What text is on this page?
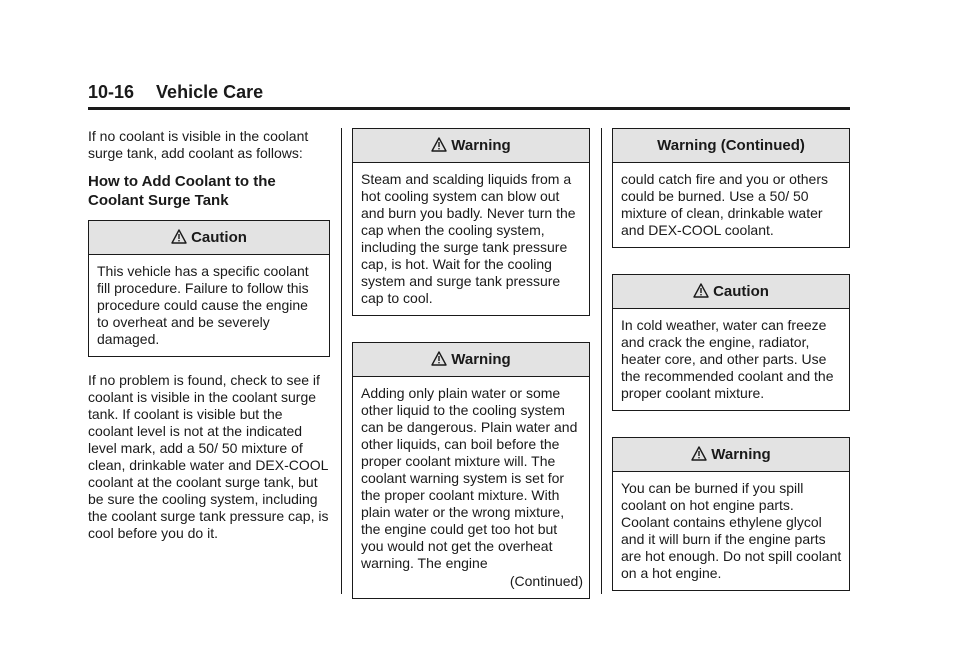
10-16 Vehicle Care

If no coolant is visible in the coolant surge tank, add coolant as follows:

How to Add Coolant to the Coolant Surge Tank
Caution
This vehicle has a specific coolant fill procedure. Failure to follow this procedure could cause the engine to overheat and be severely damaged.

If no problem is found, check to see if coolant is visible in the coolant surge tank. If coolant is visible but the coolant level is not at the indicated level mark, add a 50/ 50 mixture of clean, drinkable water and DEX-COOL coolant at the coolant surge tank, but be sure the cooling system, including the coolant surge tank pressure cap, is cool before you do it.

Warning
Steam and scalding liquids from a hot cooling system can blow out and burn you badly. Never turn the cap when the cooling system, including the surge tank pressure cap, is hot. Wait for the cooling system and surge tank pressure cap to cool.
Warning
Adding only plain water or some other liquid to the cooling system can be dangerous. Plain water and other liquids, can boil before the proper coolant mixture will. The coolant warning system is set for the proper coolant mixture. With plain water or the wrong mixture, the engine could get too hot but you would not get the overheat warning. The engine
(Continued)
Warning (Continued)
could catch fire and you or others could be burned. Use a 50/ 50 mixture of clean, drinkable water and DEX-COOL coolant.
Caution
In cold weather, water can freeze and crack the engine, radiator, heater core, and other parts. Use the recommended coolant and the proper coolant mixture.
Warning
You can be burned if you spill coolant on hot engine parts. Coolant contains ethylene glycol and it will burn if the engine parts are hot enough. Do not spill coolant on a hot engine.
